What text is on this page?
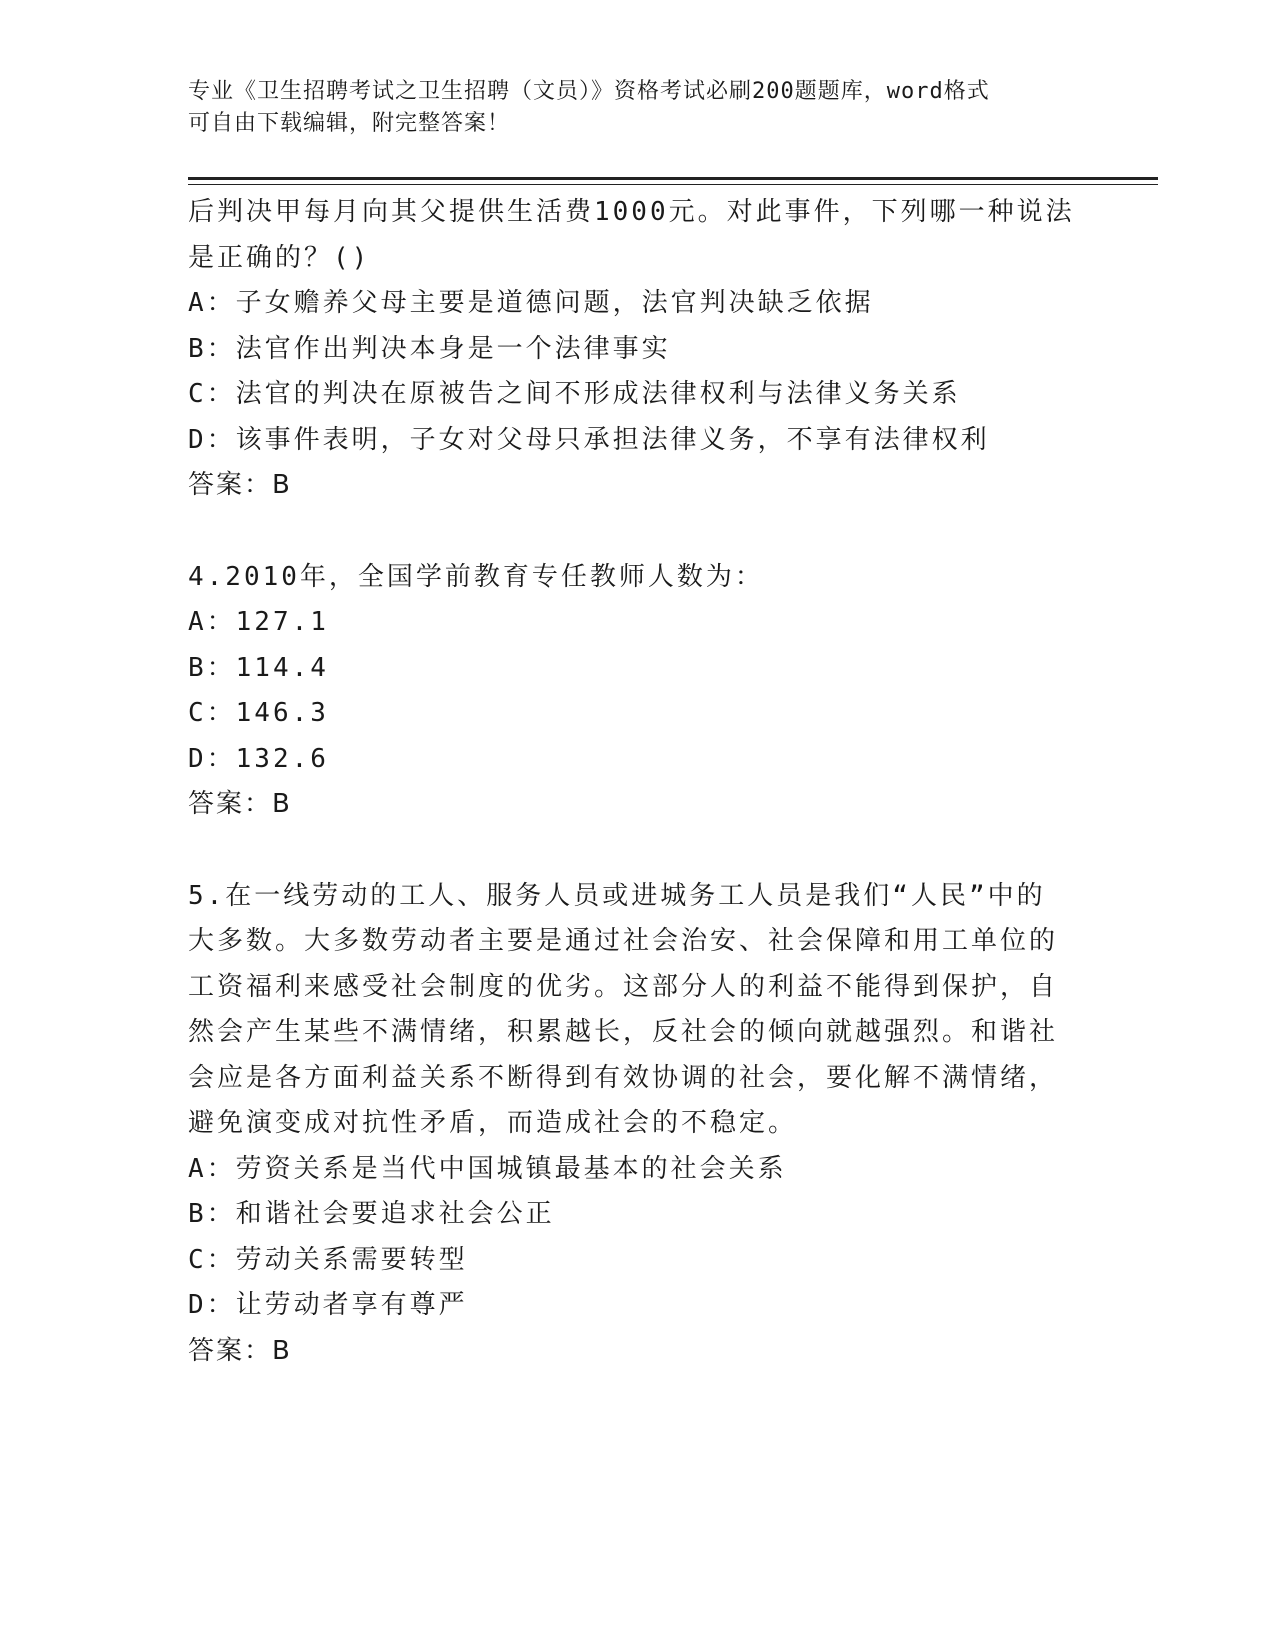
专业《卫生招聘考试之卫生招聘（文员）》资格考试必刷200题题库，word格式
可自由下载编辑，附完整答案！
后判决甲每月向其父提供生活费1000元。对此事件，下列哪一种说法
是正确的？()
A：子女赡养父母主要是道德问题，法官判决缺乏依据
B：法官作出判决本身是一个法律事实
C：法官的判决在原被告之间不形成法律权利与法律义务关系
D：该事件表明，子女对父母只承担法律义务，不享有法律权利
答案：B
4.2010年，全国学前教育专任教师人数为：
A：127.1
B：114.4
C：146.3
D：132.6
答案：B
5.在一线劳动的工人、服务人员或进城务工人员是我们“人民”中的
大多数。大多数劳动者主要是通过社会治安、社会保障和用工单位的
工资福利来感受社会制度的优劣。这部分人的利益不能得到保护，自
然会产生某些不满情绪，积累越长，反社会的倾向就越强烈。和谐社
会应是各方面利益关系不断得到有效协调的社会，要化解不满情绪，
避免演变成对抗性矛盾，而造成社会的不稳定。
A：劳资关系是当代中国城镇最基本的社会关系
B：和谐社会要追求社会公正
C：劳动关系需要转型
D：让劳动者享有尊严
答案：B
